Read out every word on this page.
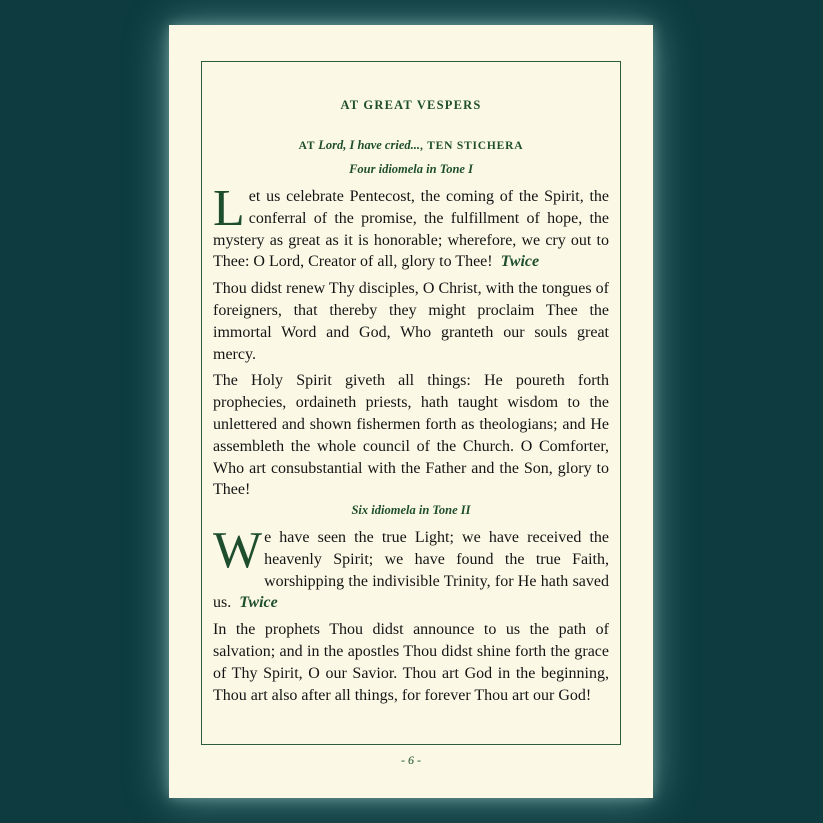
AT GREAT VESPERS
AT Lord, I have cried..., TEN STICHERA
Four idiomela in Tone I

Let us celebrate Pentecost, the coming of the Spirit, the conferral of the promise, the fulfillment of hope, the mystery as great as it is honorable; wherefore, we cry out to Thee: O Lord, Creator of all, glory to Thee! Twice

Thou didst renew Thy disciples, O Christ, with the tongues of foreigners, that thereby they might proclaim Thee the immortal Word and God, Who granteth our souls great mercy.

The Holy Spirit giveth all things: He poureth forth prophecies, ordaineth priests, hath taught wisdom to the unlettered and shown fishermen forth as theologians; and He assembleth the whole council of the Church. O Comforter, Who art consubstantial with the Father and the Son, glory to Thee!

Six idiomela in Tone II

We have seen the true Light; we have received the heavenly Spirit; we have found the true Faith, worshipping the indivisible Trinity, for He hath saved us. Twice

In the prophets Thou didst announce to us the path of salvation; and in the apostles Thou didst shine forth the grace of Thy Spirit, O our Savior. Thou art God in the beginning, Thou art also after all things, for forever Thou art our God!

- 6 -
